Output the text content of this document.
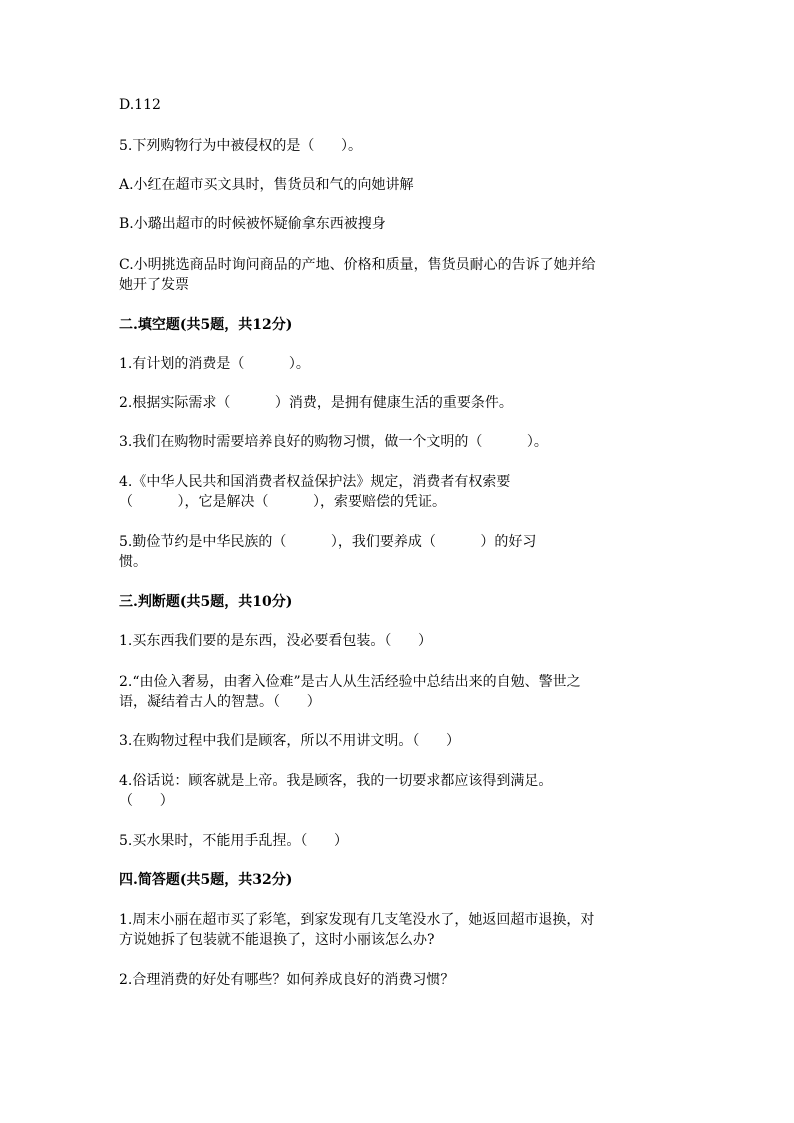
D.112
5.下列购物行为中被侵权的是（      ）。
A.小红在超市买文具时，售货员和气的向她讲解
B.小璐出超市的时候被怀疑偷拿东西被搜身
C.小明挑选商品时询问商品的产地、价格和质量，售货员耐心的告诉了她并给
她开了发票
二.填空题(共5题，共12分)
1.有计划的消费是（          ）。
2.根据实际需求（          ）消费，是拥有健康生活的重要条件。
3.我们在购物时需要培养良好的购物习惯，做一个文明的（          ）。
4.《中华人民共和国消费者权益保护法》规定，消费者有权索要
（          ），它是解决（          ），索要赔偿的凭证。
5.勤俭节约是中华民族的（          ），我们要养成（          ）的好习
惯。
三.判断题(共5题，共10分)
1.买东西我们要的是东西，没必要看包装。（      ）
2.“由俭入奢易，由奢入俭难”是古人从生活经验中总结出来的自勉、警世之
语，凝结着古人的智慧。（      ）
3.在购物过程中我们是顾客，所以不用讲文明。（      ）
4.俗话说：顾客就是上帝。我是顾客，我的一切要求都应该得到满足。
（      ）
5.买水果时，不能用手乱捏。（      ）
四.简答题(共5题，共32分)
1.周末小丽在超市买了彩笔，到家发现有几支笔没水了，她返回超市退换，对
方说她拆了包装就不能退换了，这时小丽该怎么办?
2.合理消费的好处有哪些？如何养成良好的消费习惯？
